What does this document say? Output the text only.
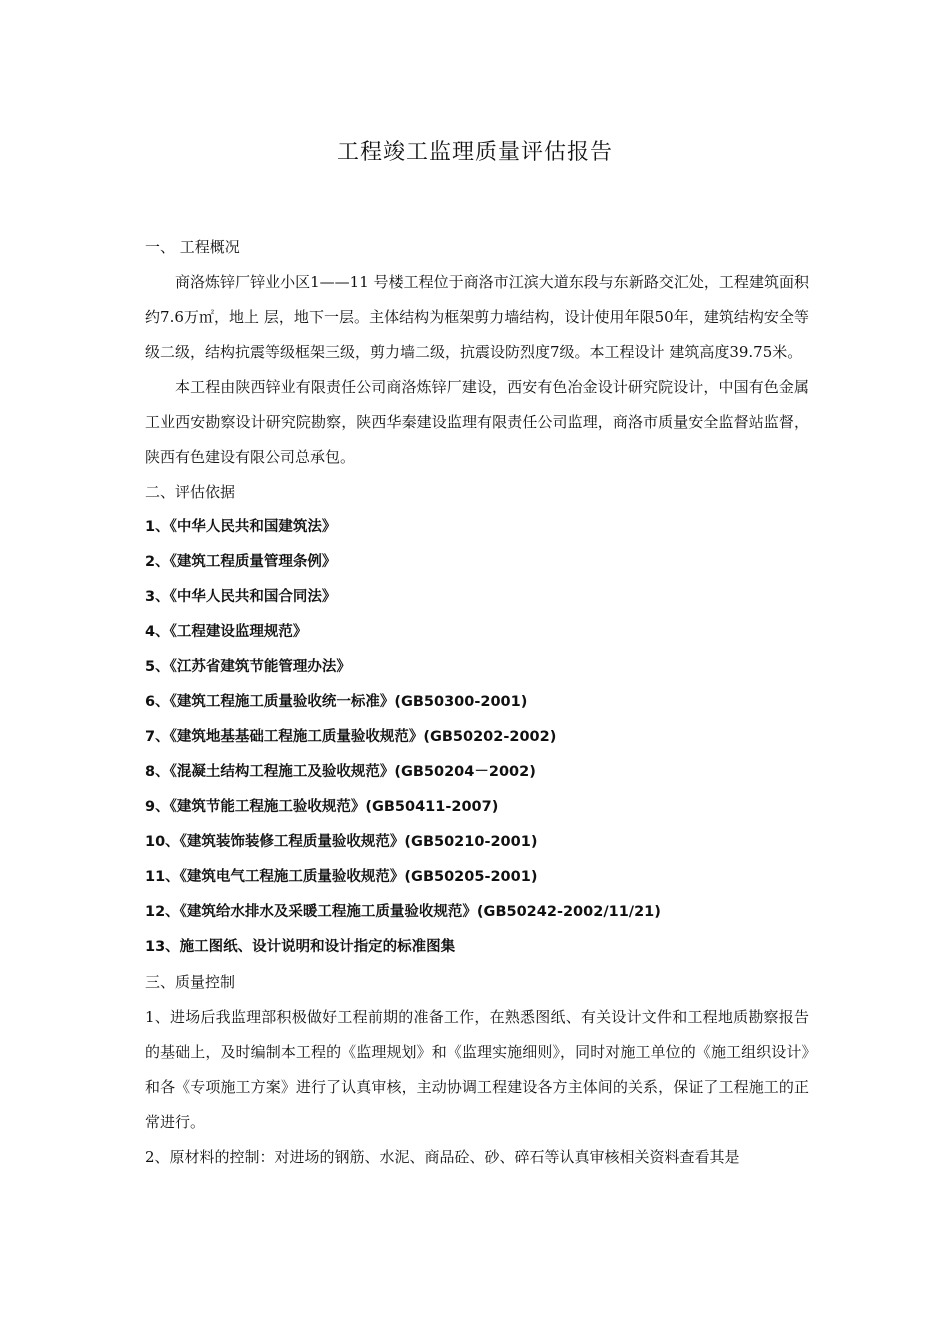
工程竣工监理质量评估报告

一、 工程概况

商洛炼锌厂锌业小区1——11 号楼工程位于商洛市江滨大道东段与东新路交汇处，工程建筑面积约7.6万㎡，地上 层，地下一层。主体结构为框架剪力墙结构，设计使用年限50年，建筑结构安全等级二级，结构抗震等级框架三级，剪力墙二级，抗震设防烈度7级。本工程设计 建筑高度39.75米。

本工程由陕西锌业有限责任公司商洛炼锌厂建设，西安有色冶金设计研究院设计，中国有色金属工业西安勘察设计研究院勘察，陕西华秦建设监理有限责任公司监理，商洛市质量安全监督站监督，陕西有色建设有限公司总承包。

二、评估依据

1、《中华人民共和国建筑法》

2、《建筑工程质量管理条例》

3、《中华人民共和国合同法》

4、《工程建设监理规范》

5、《江苏省建筑节能管理办法》

6、《建筑工程施工质量验收统一标准》(GB50300-2001)

7、《建筑地基基础工程施工质量验收规范》(GB50202-2002)

8、《混凝土结构工程施工及验收规范》(GB50204－2002)

9、《建筑节能工程施工验收规范》(GB50411-2007)

10、《建筑装饰装修工程质量验收规范》(GB50210-2001)

11、《建筑电气工程施工质量验收规范》(GB50205-2001)

12、《建筑给水排水及采暖工程施工质量验收规范》(GB50242-2002/11/21)

13、施工图纸、设计说明和设计指定的标准图集

三、质量控制

1、进场后我监理部积极做好工程前期的准备工作，在熟悉图纸、有关设计文件和工程地质勘察报告的基础上，及时编制本工程的《监理规划》和《监理实施细则》，同时对施工单位的《施工组织设计》和各《专项施工方案》进行了认真审核，主动协调工程建设各方主体间的关系，保证了工程施工的正常进行。

2、原材料的控制：对进场的钢筋、水泥、商品砼、砂、碎石等认真审核相关资料查看其是
